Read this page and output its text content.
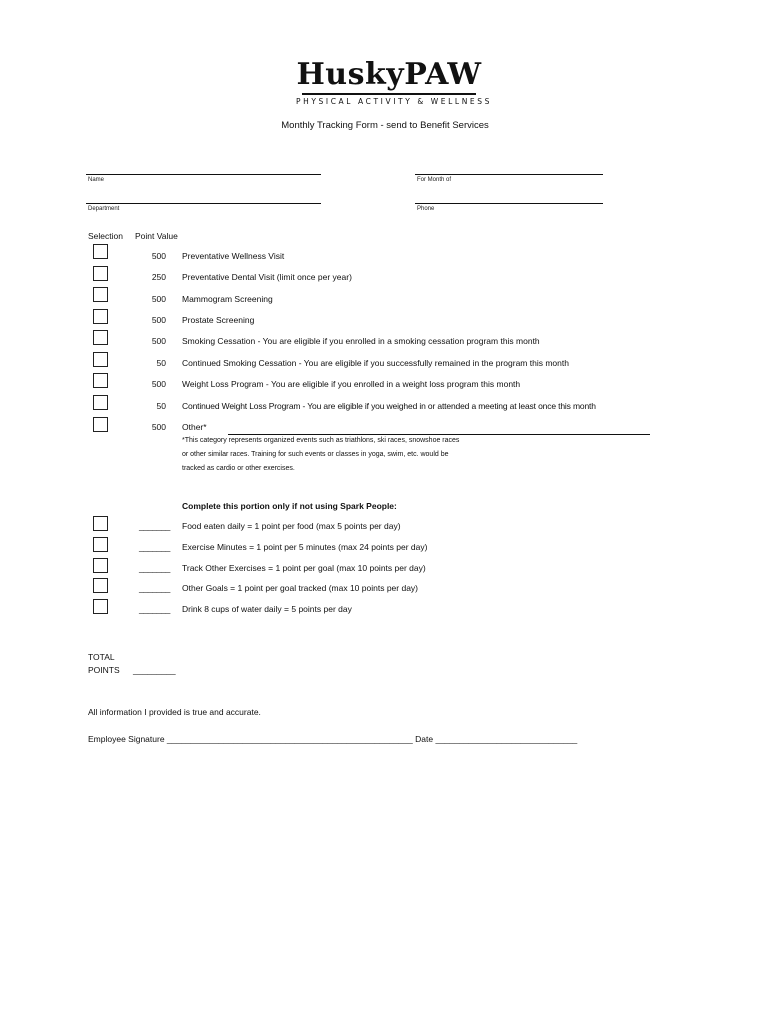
HuskyPAW
PHYSICAL ACTIVITY & WELLNESS
Monthly Tracking Form - send to Benefit Services
Name	For Month of
Department	Phone
Selection Point Value
500 Preventative Wellness Visit
250 Preventative Dental Visit (limit once per year)
500 Mammogram Screening
500 Prostate Screening
500 Smoking Cessation - You are eligible if you enrolled in a smoking cessation program this month
50 Continued Smoking Cessation - You are eligible if you successfully remained in the program this month
500 Weight Loss Program - You are eligible if you enrolled in a weight loss program this month
50 Continued Weight Loss Program - You are eligible if you weighed in or attended a meeting at least once this month
500 Other*
*This category represents organized events such as triathlons, ski races, snowshoe races
or other similar races. Training for such events or classes in yoga, swim, etc. would be
tracked as cardio or other exercises.
Complete this portion only if not using Spark People:
_______ Food eaten daily = 1 point per food (max 5 points per day)
_______ Exercise Minutes = 1 point per 5 minutes (max 24 points per day)
_______ Track Other Exercises = 1 point per goal (max 10 points per day)
_______ Other Goals = 1 point per goal tracked (max 10 points per day)
_______ Drink 8 cups of water daily = 5 points per day
TOTAL
POINTS _________
All information I provided is true and accurate.
Employee Signature ____________________________________________________ Date ______________________________
